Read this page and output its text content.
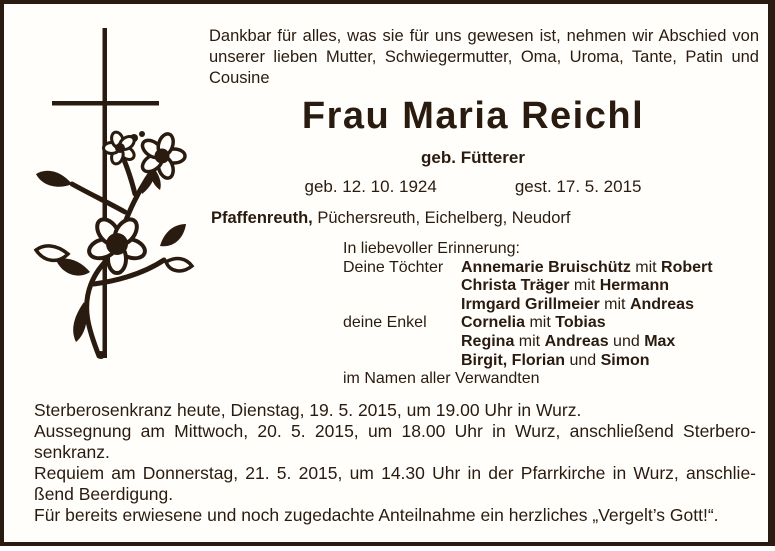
Dankbar für alles, was sie für uns gewesen ist, nehmen wir Abschied von unserer lieben Mutter, Schwiegermutter, Oma, Uroma, Tante, Patin und Cousine
Frau Maria Reichl
geb. Fütterer
geb. 12. 10. 1924	gest. 17. 5. 2015
Pfaffenreuth, Püchersreuth, Eichelberg, Neudorf
In liebevoller Erinnerung:
Deine Töchter	Annemarie Bruischütz mit Robert
Christa Träger mit Hermann
Irmgard Grillmeier mit Andreas
deine Enkel	Cornelia mit Tobias
Regina mit Andreas und Max
Birgit, Florian und Simon
im Namen aller Verwandten
Sterberosenkranz heute, Dienstag, 19. 5. 2015, um 19.00 Uhr in Wurz.
Aussegnung am Mittwoch, 20. 5. 2015, um 18.00 Uhr in Wurz, anschließend Sterberosenkranz.
Requiem am Donnerstag, 21. 5. 2015, um 14.30 Uhr in der Pfarrkirche in Wurz, anschließend Beerdigung.
Für bereits erwiesene und noch zugedachte Anteilnahme ein herzliches „Vergelt’s Gott!“.
